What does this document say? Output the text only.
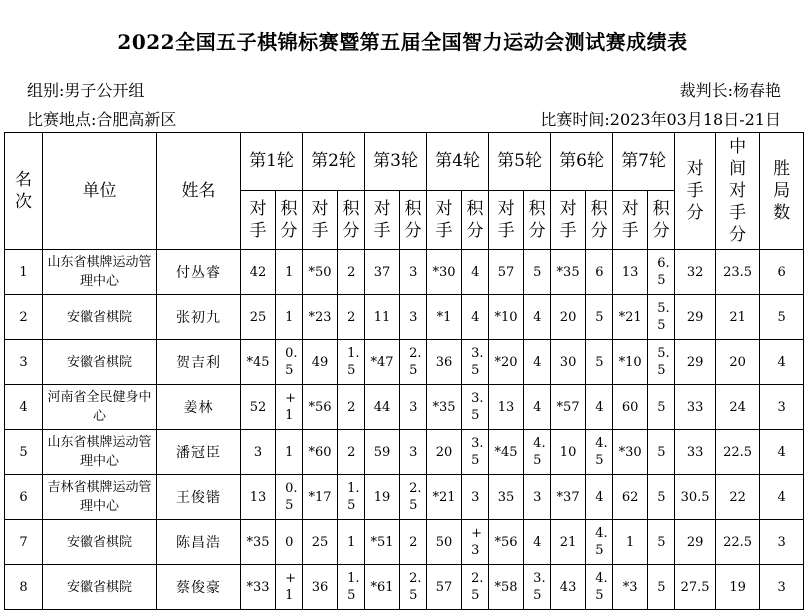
2022全国五子棋锦标赛暨第五届全国智力运动会测试赛成绩表
组别:男子公开组	裁判长:杨春艳
比赛地点:合肥高新区	比赛时间:2023年03月18日-21日
名次	单位	姓名	第1轮		第2轮		第3轮		第4轮		第5轮		第6轮		第7轮		对手分	中间对手分	胜局数

			对手	积分	对手	积分	对手	积分	对手	积分	对手	积分	对手	积分	对手	积分			

1	山东省棋牌运动管理中心	付丛睿	42	1	*50	2	37	3	*30	4	57	5	*35	6	13	6.5	32	23.5	6
2	安徽省棋院	张初九	25	1	*23	2	11	3	*1	4	*10	4	20	5	*21	5.5	29	21	5
3	安徽省棋院	贺吉利	*45	0.5	49	1.5	*47	2.5	36	3.5	*20	4	30	5	*10	5.5	29	20	4
4	河南省全民健身中心	姜林	52	+1	*56	2	44	3	*35	3.5	13	4	*57	4	60	5	33	24	3
5	山东省棋牌运动管理中心	潘冠臣	3	1	*60	2	59	3	20	3.5	*45	4.5	10	4.5	*30	5	33	22.5	4
6	吉林省棋牌运动管理中心	王俊锴	13	0.5	*17	1.5	19	2.5	*21	3	35	3	*37	4	62	5	30.5	22	4
7	安徽省棋院	陈昌浩	*35	0	25	1	*51	2	50	+3	*56	4	21	4.5	1	5	29	22.5	3
8	安徽省棋院	蔡俊豪	*33	+1	36	1.5	*61	2.5	57	2.5	*58	3.5	43	4.5	*3	5	27.5	19	3
